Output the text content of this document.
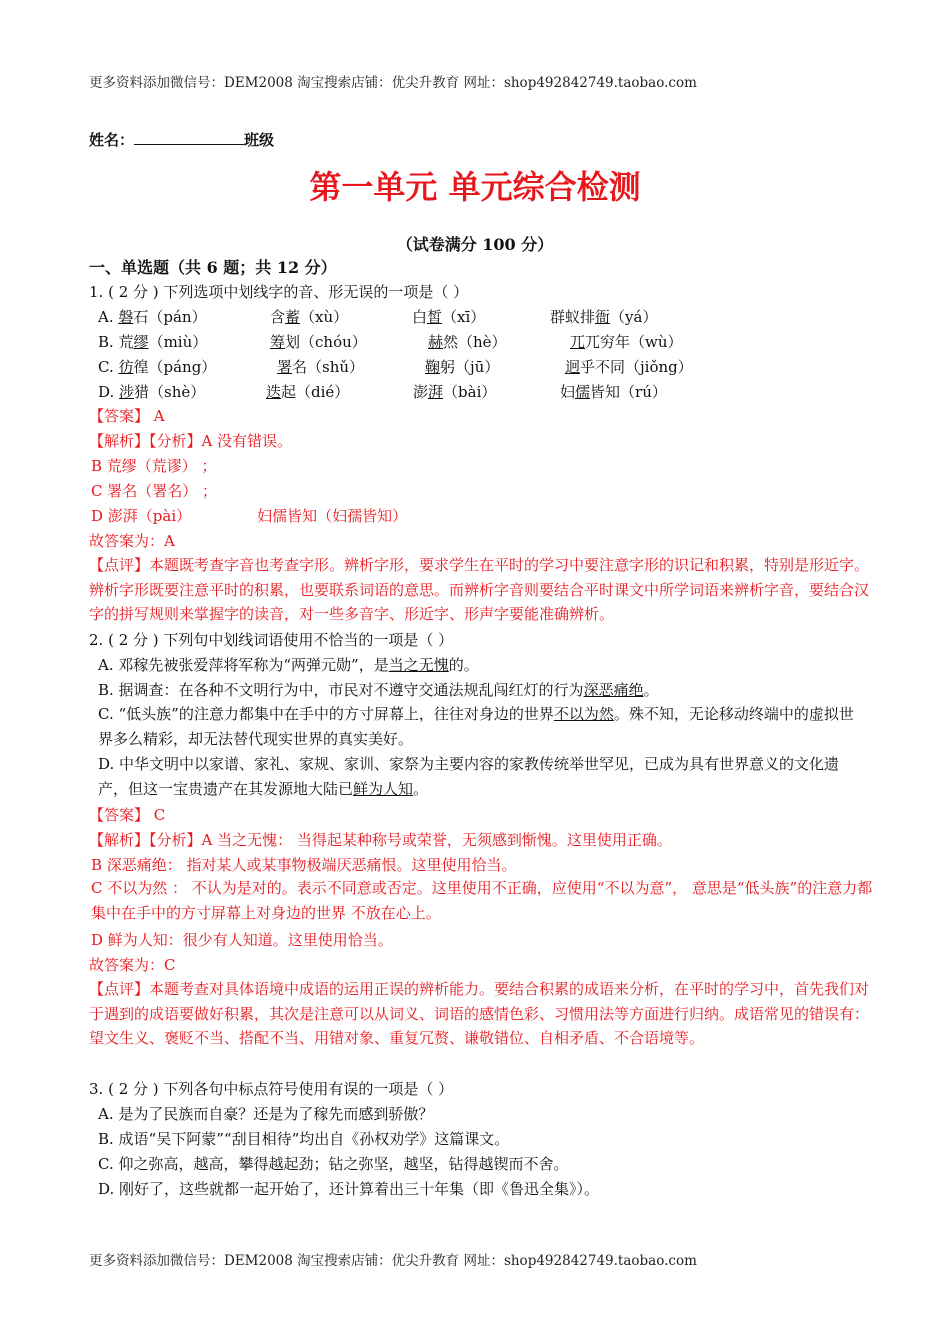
更多资料添加微信号：DEM2008 淘宝搜索店铺：优尖升教育 网址：shop492842749.taobao.com
姓名：	班级
第一单元 单元综合检测
（试卷满分 100 分）
一、单选题（共 6 题；共 12 分）
1. ( 2 分 ) 下列选项中划线字的音、形无误的一项是（ ）
A. 磐石（pán）	含蓄（xù）	白皙（xī）	群蚁排衙（yá）
B. 荒缪（miù）	筹划（chóu）	赫然（hè）	兀兀穷年（wù）
C. 彷徨（páng）	署名（shǔ）	鞠躬（jū）	迥乎不同（jiǒng）
D. 涉猎（shè）	迭起（dié）	澎湃（bài）	妇儒皆知（rú）
【答案】 A
【解析】【分析】A 没有错误。
B 荒缪（荒谬） ；
C 署名（署名） ；
D 澎湃（pài）	妇儒皆知（妇孺皆知）
故答案为：A
【点评】本题既考查字音也考查字形。辨析字形，要求学生在平时的学习中要注意字形的识记和积累，特别是形近字。辨析字形既要注意平时的积累，也要联系词语的意思。而辨析字音则要结合平时课文中所学词语来辨析字音，要结合汉字的拼写规则来掌握字的读音，对一些多音字、形近字、形声字要能准确辨析。
2. ( 2 分 ) 下列句中划线词语使用不恰当的一项是（ ）
A. 邓稼先被张爱萍将军称为“两弹元勋”，是当之无愧的。
B. 据调查：在各种不文明行为中，市民对不遵守交通法规乱闯红灯的行为深恶痛绝。
C. “低头族”的注意力都集中在手中的方寸屏幕上，往往对身边的世界不以为然。殊不知，无论移动终端中的虚拟世界多么精彩，却无法替代现实世界的真实美好。
D. 中华文明中以家谱、家礼、家规、家训、家祭为主要内容的家教传统举世罕见，已成为具有世界意义的文化遗产，但这一宝贵遗产在其发源地大陆已鲜为人知。
【答案】 C
【解析】【分析】A 当之无愧： 当得起某种称号或荣誉，无须感到惭愧。这里使用正确。
B 深恶痛绝： 指对某人或某事物极端厌恶痛恨。这里使用恰当。
C 不以为然 ： 不认为是对的。表示不同意或否定。这里使用不正确，应使用“不以为意”， 意思是“低头族”的注意力都集中在手中的方寸屏幕上对身边的世界 不放在心上。
D 鲜为人知：很少有人知道。这里使用恰当。
故答案为：C
【点评】本题考查对具体语境中成语的运用正误的辨析能力。要结合积累的成语来分析，在平时的学习中，首先我们对于遇到的成语要做好积累，其次是注意可以从词义、词语的感情色彩、习惯用法等方面进行归纳。成语常见的错误有：望文生义、褒贬不当、搭配不当、用错对象、重复冗赘、谦敬错位、自相矛盾、不合语境等。
3. ( 2 分 ) 下列各句中标点符号使用有误的一项是（ ）
A. 是为了民族而自豪？还是为了稼先而感到骄傲？
B. 成语“吴下阿蒙”“刮目相待”均出自《孙权劝学》这篇课文。
C. 仰之弥高，越高，攀得越起劲；钻之弥坚，越坚，钻得越锲而不舍。
D. 刚好了，这些就都一起开始了，还计算着出三十年集（即《鲁迅全集》）。
更多资料添加微信号：DEM2008 淘宝搜索店铺：优尖升教育 网址：shop492842749.taobao.com
